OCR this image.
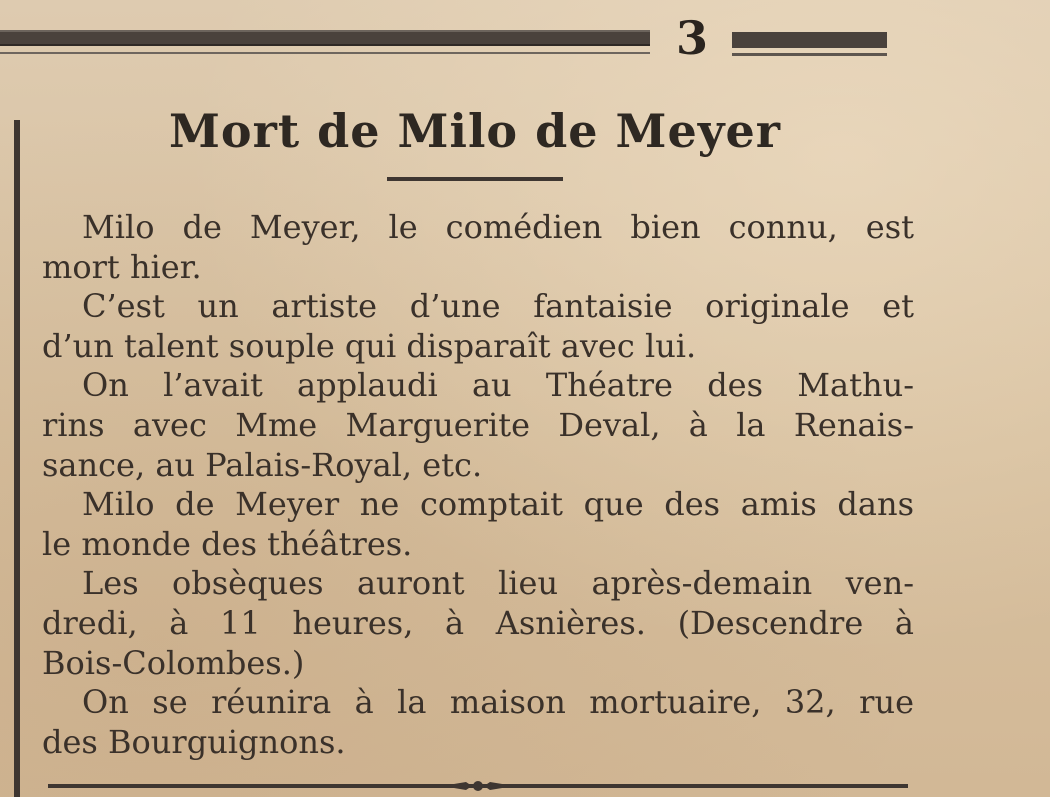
3
Mort de Milo de Meyer
Milo de Meyer, le comédien bien connu, est
mort hier.
C’est un artiste d’une fantaisie originale et
d’un talent souple qui disparaît avec lui.
On l’avait applaudi au Théatre des Mathu-
rins avec Mme Marguerite Deval, à la Renais-
sance, au Palais-Royal, etc.
Milo de Meyer ne comptait que des amis dans
le monde des théâtres.
Les obsèques auront lieu après-demain ven-
dredi, à 11 heures, à Asnières. (Descendre à
Bois-Colombes.)
On se réunira à la maison mortuaire, 32, rue
des Bourguignons.
